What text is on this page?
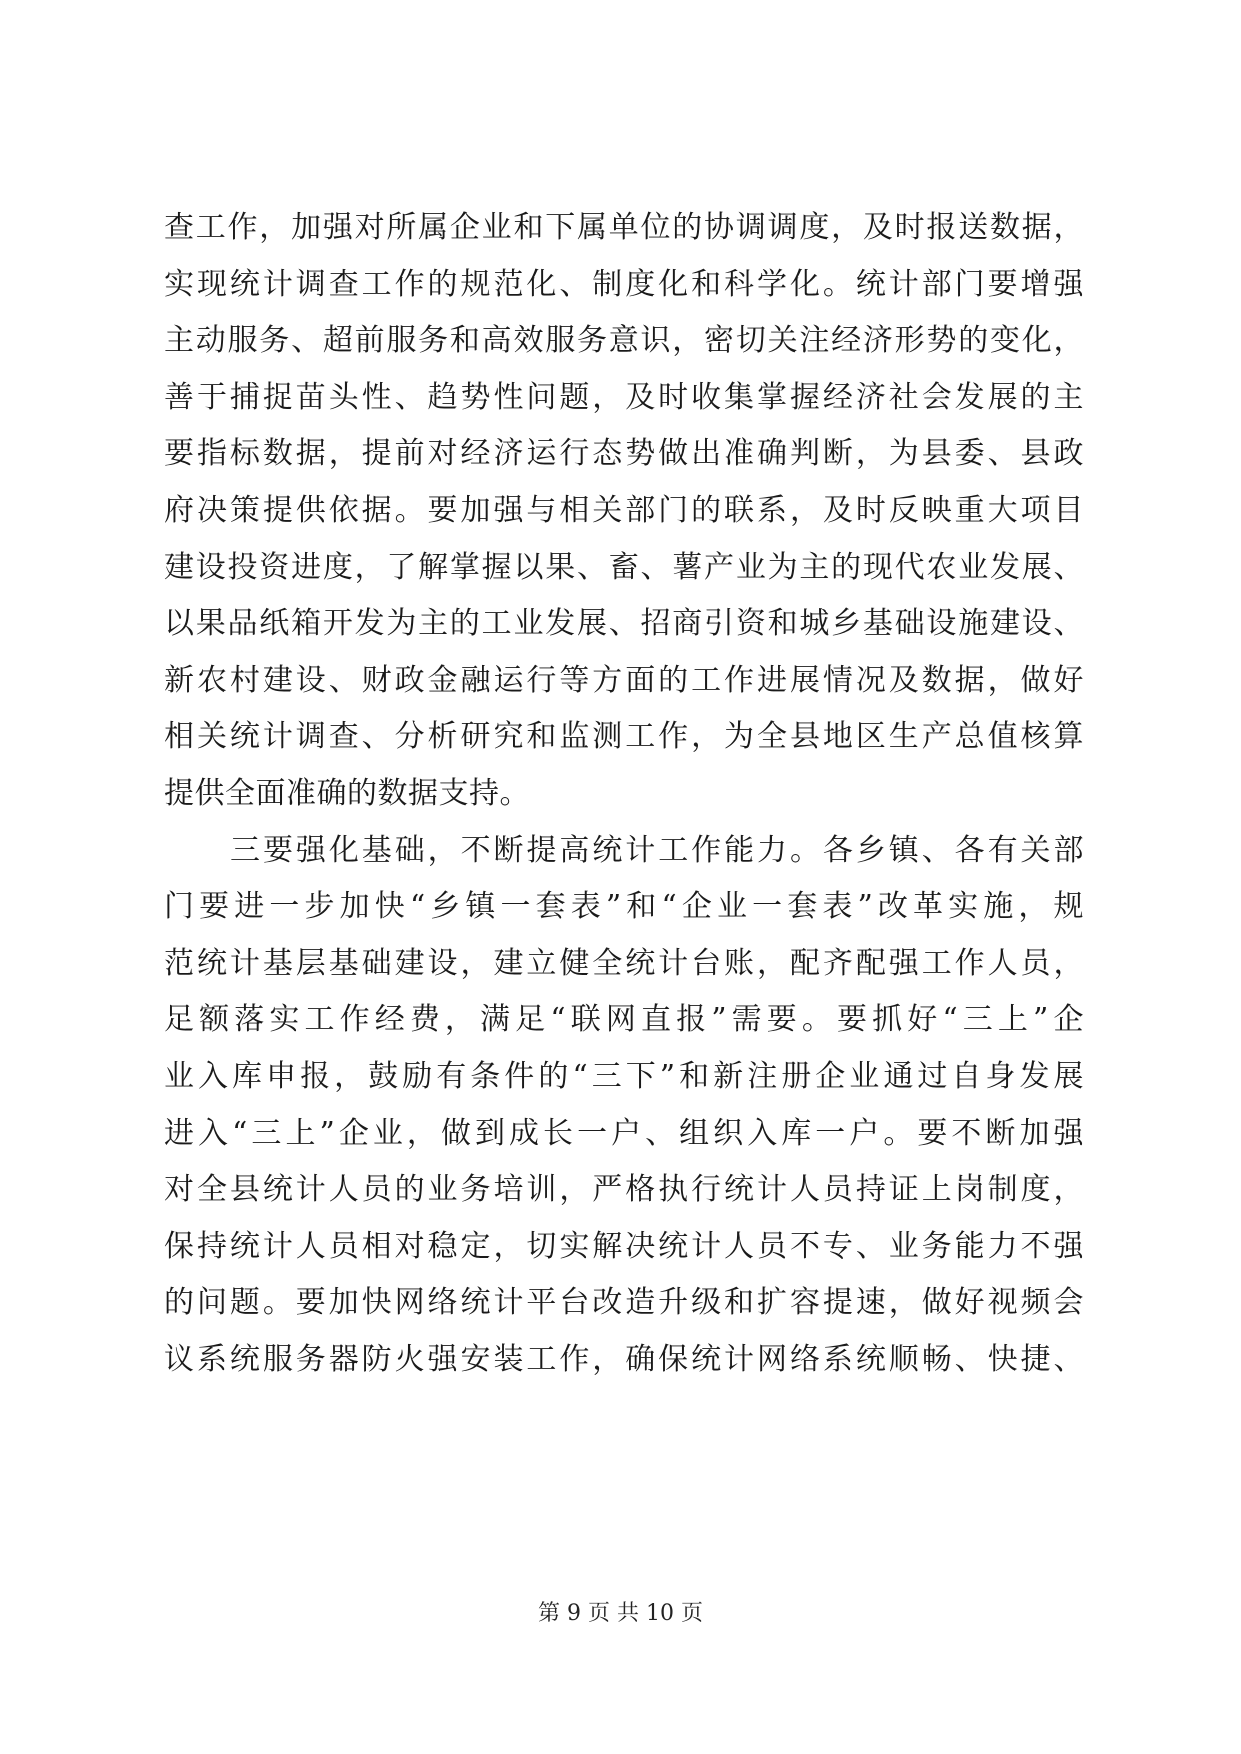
查工作，加强对所属企业和下属单位的协调调度，及时报送数据，
实现统计调查工作的规范化、制度化和科学化。统计部门要增强
主动服务、超前服务和高效服务意识，密切关注经济形势的变化，
善于捕捉苗头性、趋势性问题，及时收集掌握经济社会发展的主
要指标数据，提前对经济运行态势做出准确判断，为县委、县政
府决策提供依据。要加强与相关部门的联系，及时反映重大项目
建设投资进度，了解掌握以果、畜、薯产业为主的现代农业发展、
以果品纸箱开发为主的工业发展、招商引资和城乡基础设施建设、
新农村建设、财政金融运行等方面的工作进展情况及数据，做好
相关统计调查、分析研究和监测工作，为全县地区生产总值核算
提供全面准确的数据支持。
三要强化基础，不断提高统计工作能力。各乡镇、各有关部
门要进一步加快“乡镇一套表”和“企业一套表”改革实施，规
范统计基层基础建设，建立健全统计台账，配齐配强工作人员，
足额落实工作经费，满足“联网直报”需要。要抓好“三上”企
业入库申报，鼓励有条件的“三下”和新注册企业通过自身发展
进入“三上”企业，做到成长一户、组织入库一户。要不断加强
对全县统计人员的业务培训，严格执行统计人员持证上岗制度，
保持统计人员相对稳定，切实解决统计人员不专、业务能力不强
的问题。要加快网络统计平台改造升级和扩容提速，做好视频会
议系统服务器防火强安装工作，确保统计网络系统顺畅、快捷、
第 9 页 共 10 页
